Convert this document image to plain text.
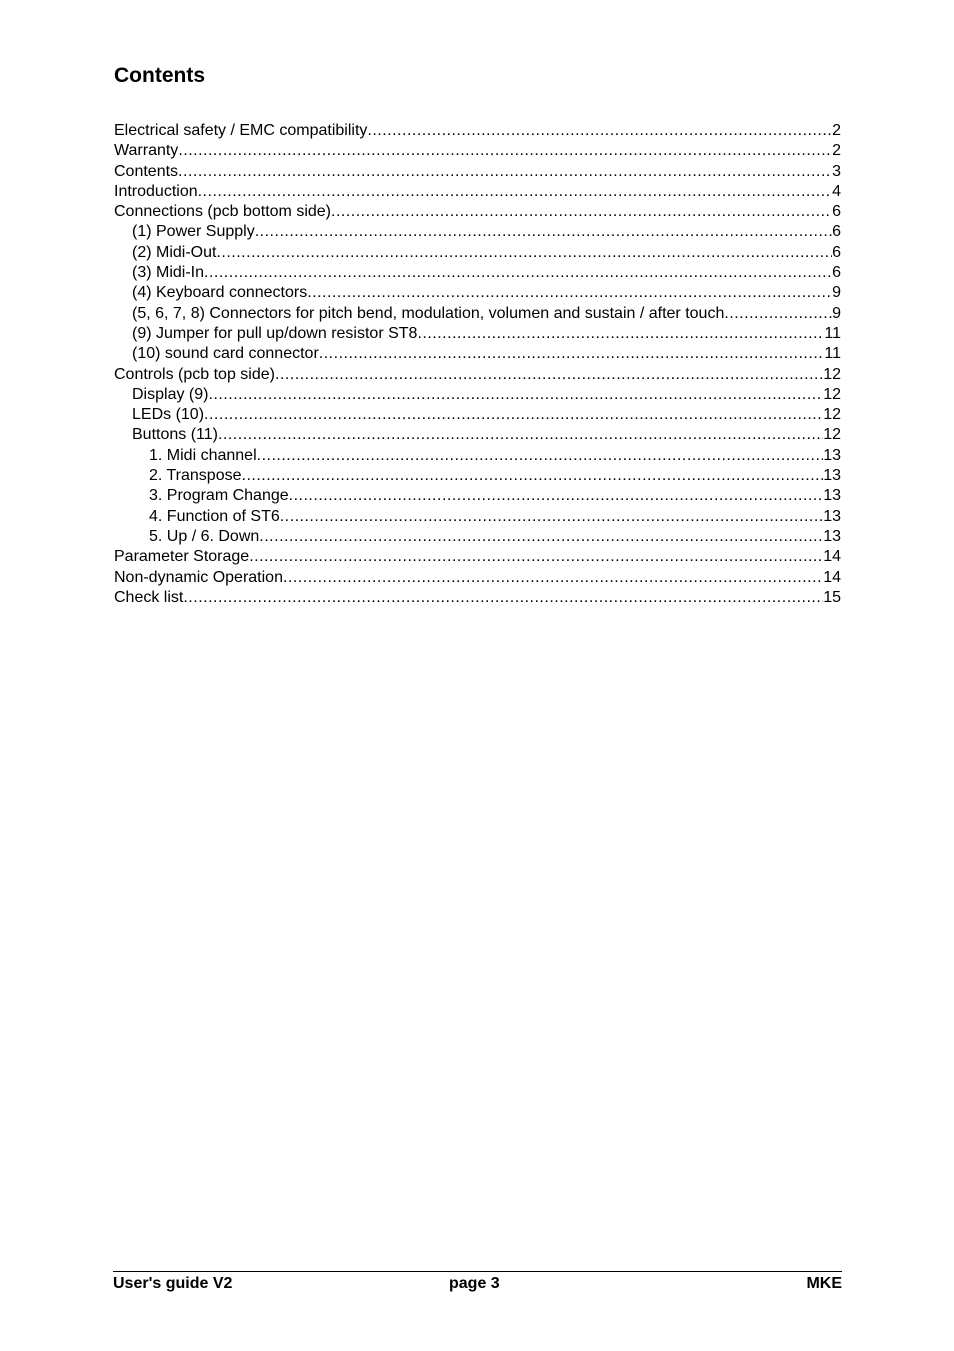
Contents
Electrical safety / EMC compatibility .....	2
Warranty .....	2
Contents .....	3
Introduction .....	4
Connections (pcb bottom side) .....	6
(1) Power Supply .....	6
(2) Midi-Out .....	6
(3) Midi-In .....	6
(4) Keyboard connectors .....	9
(5, 6, 7, 8) Connectors for pitch bend, modulation, volumen and sustain / after touch .....	9
(9) Jumper for pull up/down resistor ST8 .....	11
(10) sound card connector .....	11
Controls (pcb top side) .....	12
Display (9) .....	12
LEDs (10) .....	12
Buttons (11) .....	12
1. Midi channel .....	13
2. Transpose .....	13
3. Program Change .....	13
4. Function of ST6 .....	13
5. Up / 6. Down .....	13
Parameter Storage .....	14
Non-dynamic Operation .....	14
Check list .....	15
User's guide V2	page 3	MKE
